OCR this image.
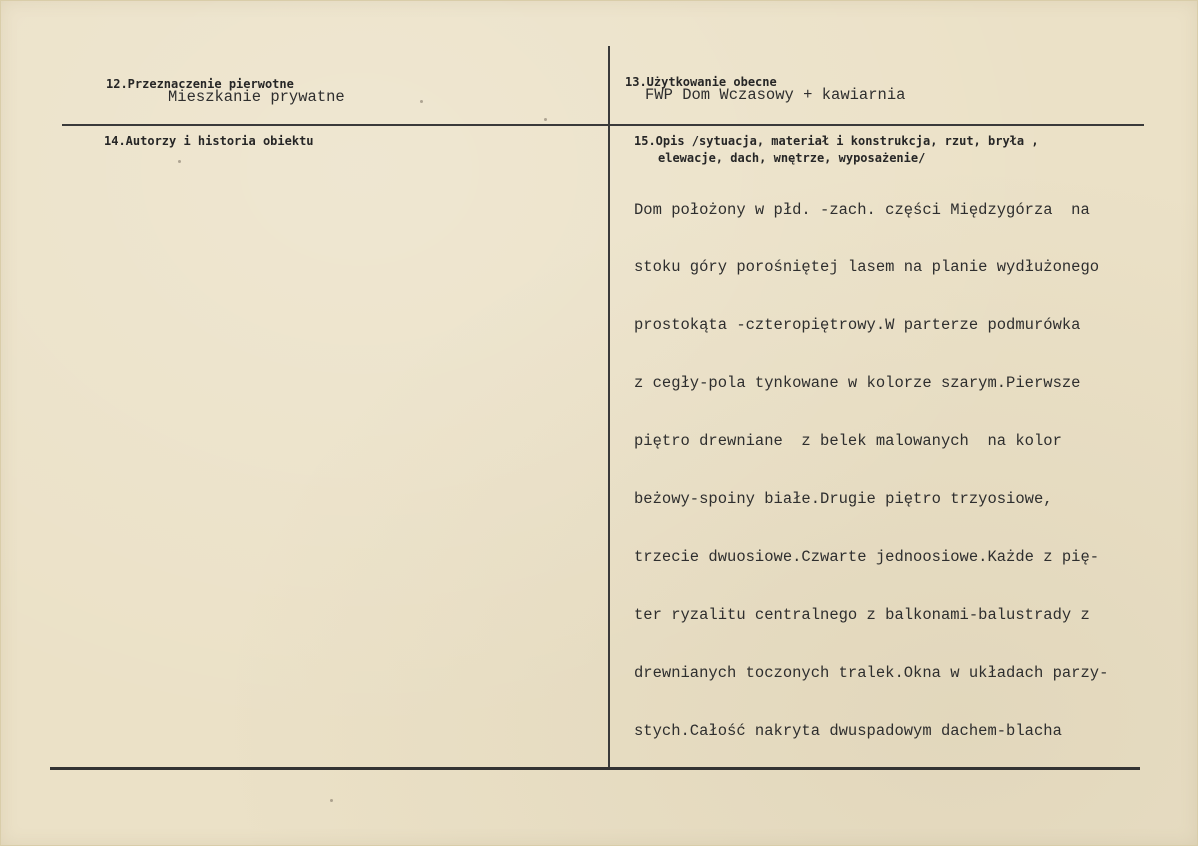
12.Przeznaczenie pierwotne
Mieszkanie prywatne
13.Użytkowanie obecne
FWP Dom Wczasowy + kawiarnia
14.Autorzy i historia obiektu	15.Opis /sytuacja, materiał i konstrukcja, rzut, bryła ,
elewacje, dach, wnętrze, wyposażenie/

Dom położony w płd. -zach. części Międzygórza  na

stoku góry porośniętej lasem na planie wydłużonego

prostokąta -czteropiętrowy.W parterze podmurówka

z cegły-pola tynkowane w kolorze szarym.Pierwsze

piętro drewniane  z belek malowanych  na kolor

beżowy-spoiny białe.Drugie piętro trzyosiowe,

trzecie dwuosiowe.Czwarte jednoosiowe.Każde z pię-

ter ryzalitu centralnego z balkonami-balustrady z

drewnianych toczonych tralek.Okna w układach parzy-

stych.Całość nakryta dwuspadowym dachem-blacha
